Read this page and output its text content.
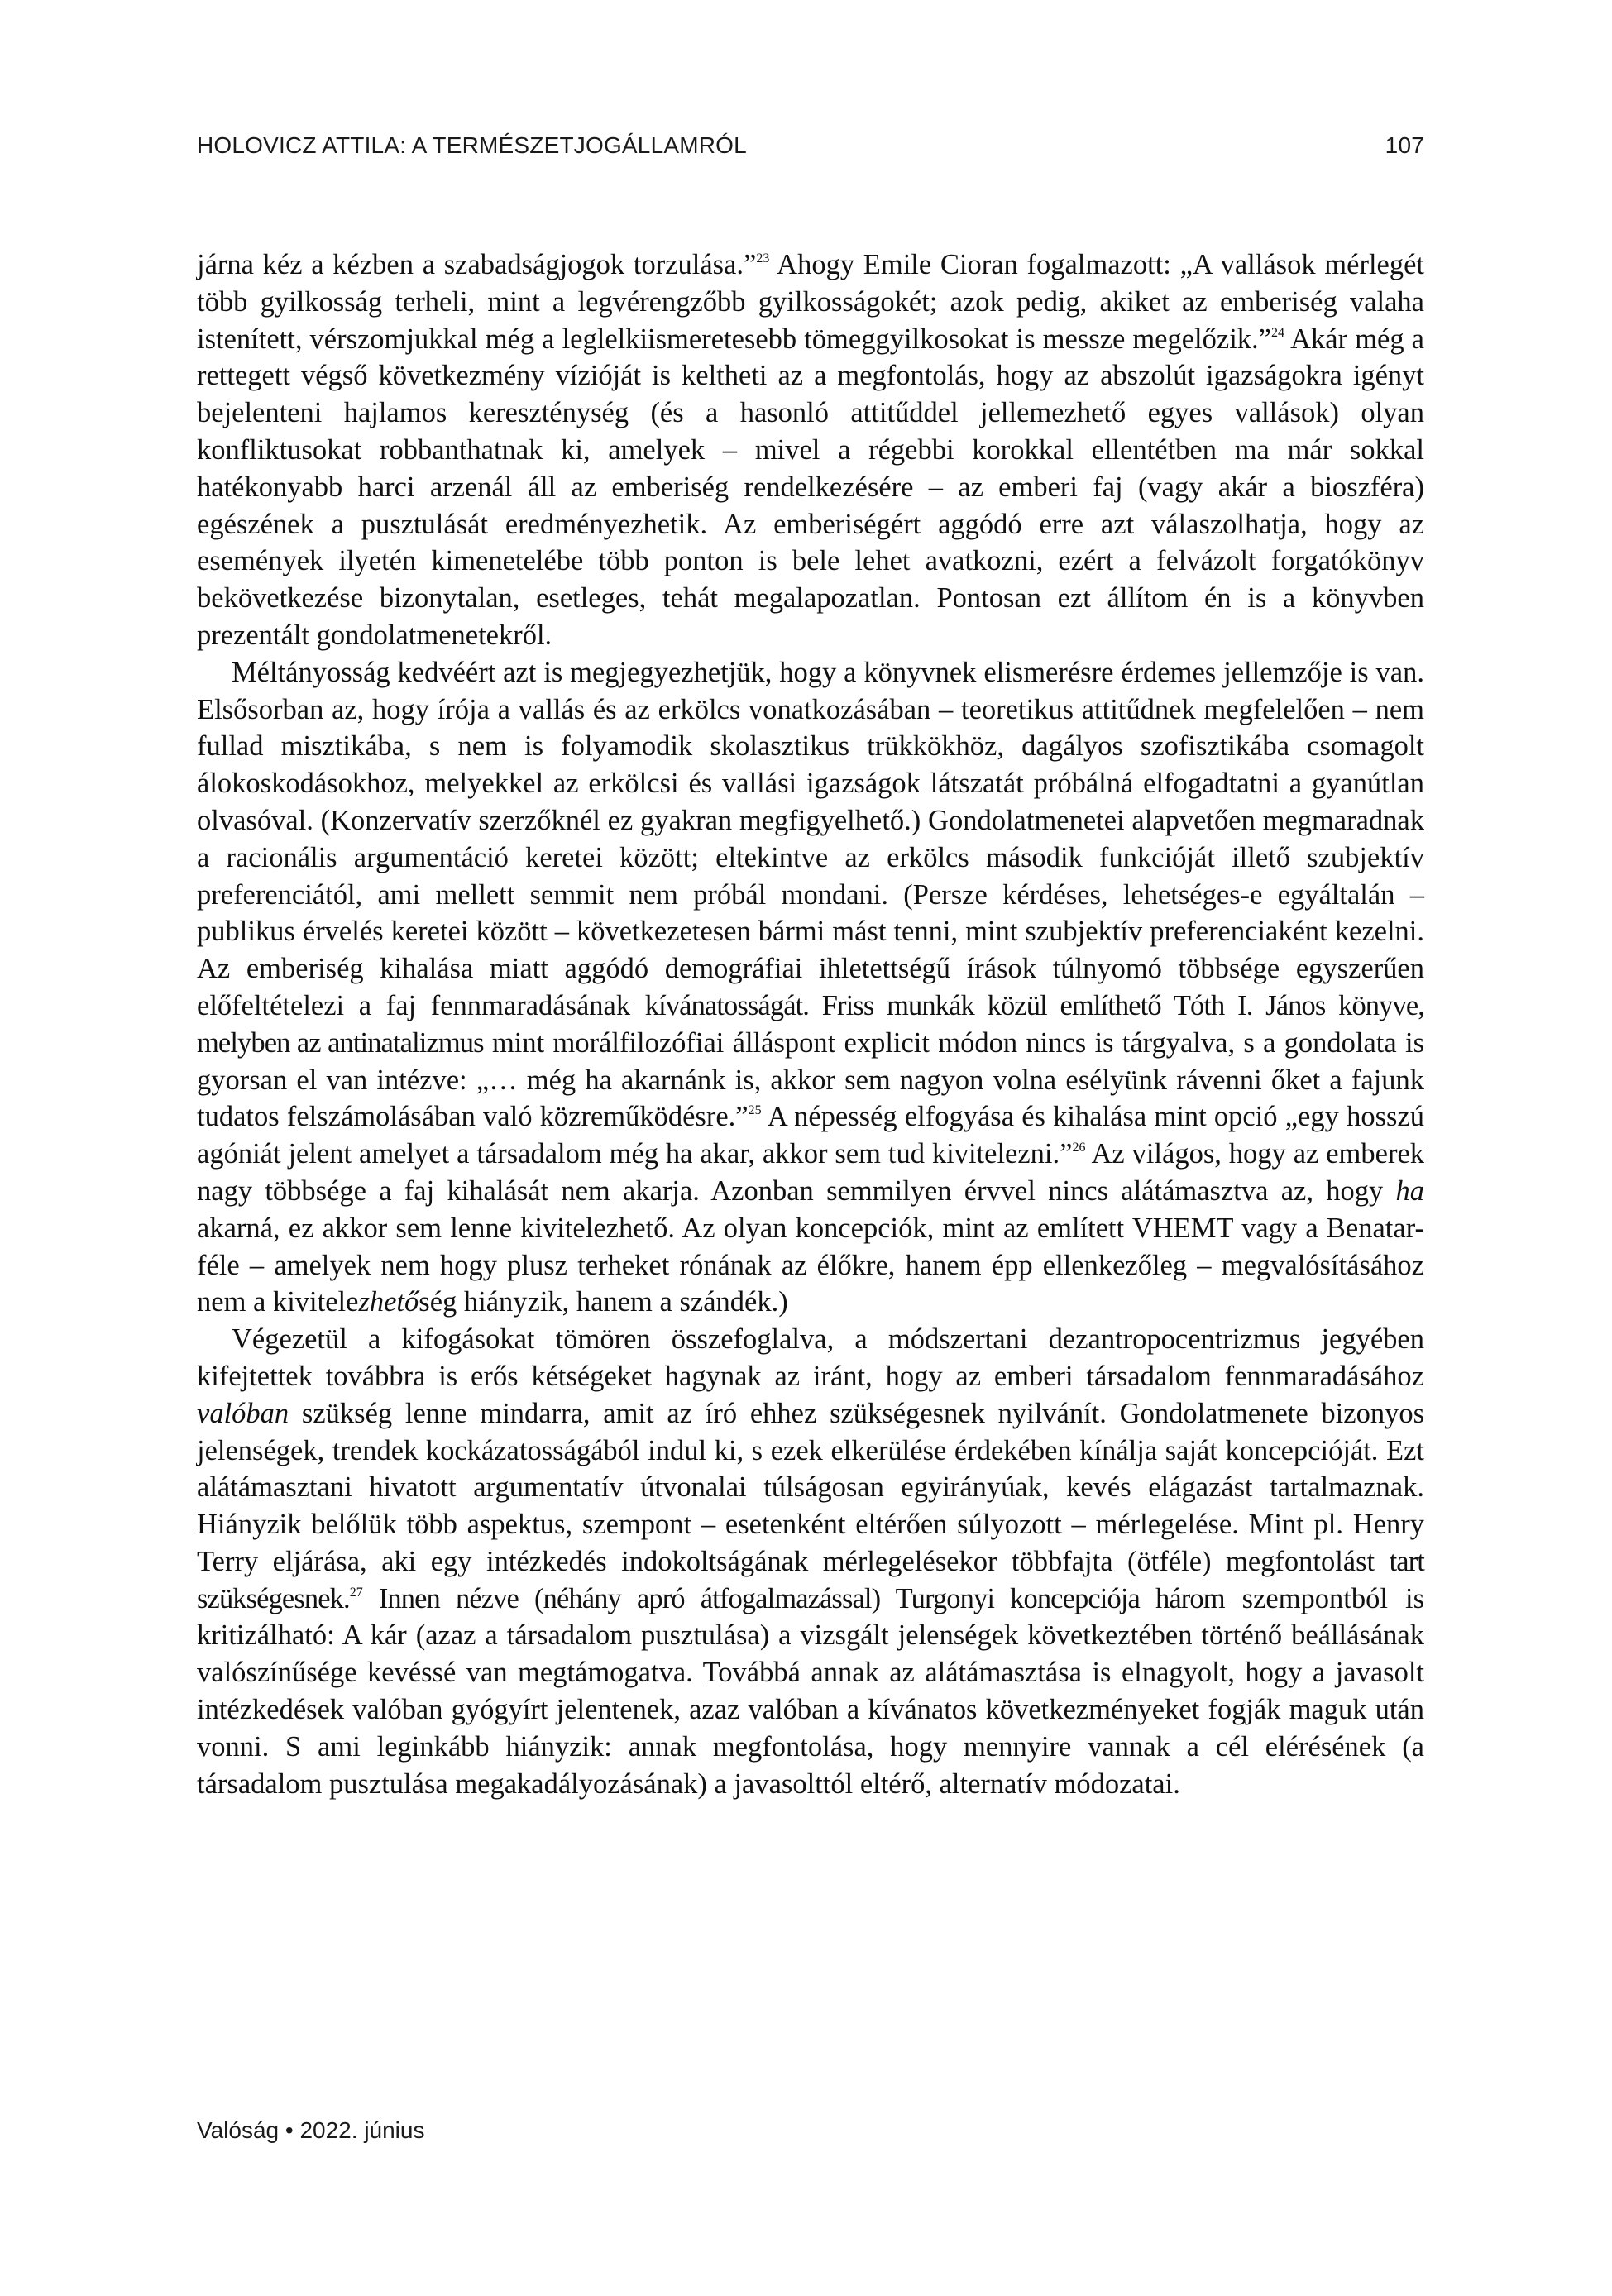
HOLOVICZ ATTILA: A TERMÉSZETJOGÁLLAMRÓL	107

járna kéz a kézben a szabadságjogok torzulása.”$^{23}$ Ahogy Emile Cioran fogalmazott: „A vallások mérlegét több gyilkosság terheli, mint a legvérengzőbb gyilkosságokét; azok pedig, akiket az emberiség valaha istenített, vérszomjukkal még a leglelkiismeretesebb tömeggyilkosokat is messze megelőzik.”$^{24}$ Akár még a rettegett végső következmény vízióját is keltheti az a megfontolás, hogy az abszolút igazságokra igényt bejelenteni hajlamos kereszténység (és a hasonló attitűddel jellemezhető egyes vallások) olyan konfliktusokat robbanthatnak ki, amelyek – mivel a régebbi korokkal ellentétben ma már sokkal hatékonyabb harci arzenál áll az emberiség rendelkezésére – az emberi faj (vagy akár a bioszféra) egészének a pusztulását eredményezhetik. Az emberiségért aggódó erre azt válaszolhatja, hogy az események ilyetén kimenetelébe több ponton is bele lehet avatkozni, ezért a felvázolt forgatókönyv bekövetkezése bizonytalan, esetleges, tehát megalapozatlan. Pontosan ezt állítom én is a könyvben prezentált gondolatmenetekről.

Méltányosság kedvéért azt is megjegyezhetjük, hogy a könyvnek elismerésre érdemes jellemzője is van. Elsősorban az, hogy írója a vallás és az erkölcs vonatkozásában – teoretikus attitűdnek megfelelően – nem fullad misztikába, s nem is folyamodik skolasztikus trükkökhöz, dagályos szofisztikába csomagolt álokoskodásokhoz, melyekkel az erkölcsi és vallási igazságok látszatát próbálná elfogadtatni a gyanútlan olvasóval. (Konzervatív szerzőknél ez gyakran megfigyelhető.) Gondolatmenetei alapvetően megmaradnak a racionális argumentáció keretei között; eltekintve az erkölcs második funkcióját illető szubjektív preferenciától, ami mellett semmit nem próbál mondani. (Persze kérdéses, lehetséges-e egyáltalán – publikus érvelés keretei között – következetesen bármi mást tenni, mint szubjektív preferenciaként kezelni. Az emberiség kihalása miatt aggódó demográfiai ihletettségű írások túlnyomó többsége egyszerűen előfeltételezi a faj fennmaradásának kívánatosságát. Friss munkák közül említhető Tóth I. János könyve, melyben az antinatalizmus mint morálfilozófiai álláspont explicit módon nincs is tárgyalva, s a gondolata is gyorsan el van intézve: „… még ha akarnánk is, akkor sem nagyon volna esélyünk rávenni őket a fajunk tudatos felszámolásában való közreműködésre.”$^{25}$ A népesség elfogyása és kihalása mint opció „egy hosszú agóniát jelent amelyet a társadalom még ha akar, akkor sem tud kivitelezni.”$^{26}$ Az világos, hogy az emberek nagy többsége a faj kihalását nem akarja. Azonban semmilyen érvvel nincs alátámasztva az, hogy ha akarná, ez akkor sem lenne kivitelezhető. Az olyan koncepciók, mint az említett VHEMT vagy a Benatar-féle – amelyek nem hogy plusz terheket rónának az élőkre, hanem épp ellenkezőleg – megvalósításához nem a kivitelezhetőség hiányzik, hanem a szándék.)

Végezetül a kifogásokat tömören összefoglalva, a módszertani dezantropocentrizmus jegyében kifejtettek továbbra is erős kétségeket hagynak az iránt, hogy az emberi társadalom fennmaradásához valóban szükség lenne mindarra, amit az író ehhez szükségesnek nyilvánít. Gondolatmenete bizonyos jelenségek, trendek kockázatosságából indul ki, s ezek elkerülése érdekében kínálja saját koncepcióját. Ezt alátámasztani hivatott argumentatív útvonalai túlságosan egyirányúak, kevés elágazást tartalmaznak. Hiányzik belőlük több aspektus, szempont – esetenként eltérően súlyozott – mérlegelése. Mint pl. Henry Terry eljárása, aki egy intézkedés indokoltságának mérlegelésekor többfajta (ötféle) megfontolást tart szükségesnek.$^{27}$ Innen nézve (néhány apró átfogalmazással) Turgonyi koncepciója három szempontból is kritizálható: A kár (azaz a társadalom pusztulása) a vizsgált jelenségek következtében történő beállásának valószínűsége kevéssé van megtámogatva. Továbbá annak az alátámasztása is elnagyolt, hogy a javasolt intézkedések valóban gyógyírt jelentenek, azaz valóban a kívánatos következményeket fogják maguk után vonni. S ami leginkább hiányzik: annak megfontolása, hogy mennyire vannak a cél elérésének (a társadalom pusztulása megakadályozásának) a javasolttól eltérő, alternatív módozatai.

Valóság • 2022. június
